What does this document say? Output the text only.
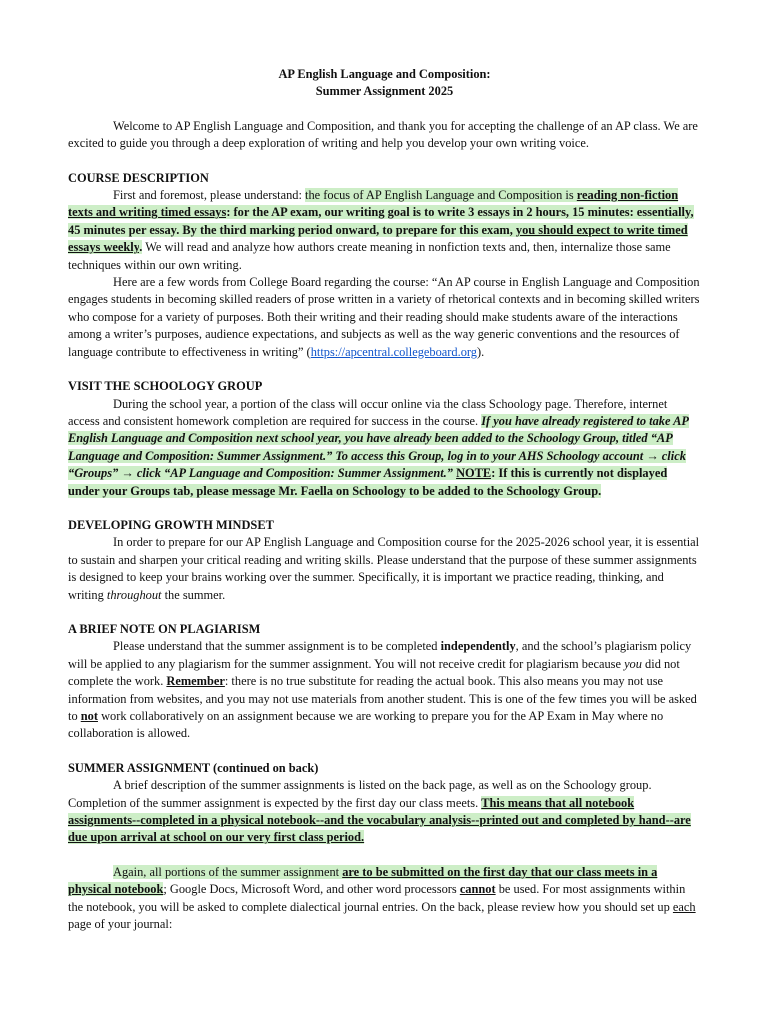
AP English Language and Composition:

Summer Assignment 2025

Welcome to AP English Language and Composition, and thank you for accepting the challenge of an AP class. We are excited to guide you through a deep exploration of writing and help you develop your own writing voice.

COURSE DESCRIPTION

First and foremost, please understand: the focus of AP English Language and Composition is reading non-fiction texts and writing timed essays: for the AP exam, our writing goal is to write 3 essays in 2 hours, 15 minutes: essentially, 45 minutes per essay. By the third marking period onward, to prepare for this exam, you should expect to write timed essays weekly. We will read and analyze how authors create meaning in nonfiction texts and, then, internalize those same techniques within our own writing.

Here are a few words from College Board regarding the course: “An AP course in English Language and Composition engages students in becoming skilled readers of prose written in a variety of rhetorical contexts and in becoming skilled writers who compose for a variety of purposes. Both their writing and their reading should make students aware of the interactions among a writer’s purposes, audience expectations, and subjects as well as the way generic conventions and the resources of language contribute to effectiveness in writing” (https://apcentral.collegeboard.org).

VISIT THE SCHOOLOGY GROUP

During the school year, a portion of the class will occur online via the class Schoology page. Therefore, internet access and consistent homework completion are required for success in the course. If you have already registered to take AP English Language and Composition next school year, you have already been added to the Schoology Group, titled “AP Language and Composition: Summer Assignment.” To access this Group, log in to your AHS Schoology account → click “Groups” → click “AP Language and Composition: Summer Assignment.” NOTE: If this is currently not displayed under your Groups tab, please message Mr. Faella on Schoology to be added to the Schoology Group.

DEVELOPING GROWTH MINDSET

In order to prepare for our AP English Language and Composition course for the 2025-2026 school year, it is essential to sustain and sharpen your critical reading and writing skills. Please understand that the purpose of these summer assignments is designed to keep your brains working over the summer. Specifically, it is important we practice reading, thinking, and writing throughout the summer.

A BRIEF NOTE ON PLAGIARISM

Please understand that the summer assignment is to be completed independently, and the school’s plagiarism policy will be applied to any plagiarism for the summer assignment. You will not receive credit for plagiarism because you did not complete the work. Remember: there is no true substitute for reading the actual book. This also means you may not use information from websites, and you may not use materials from another student. This is one of the few times you will be asked to not work collaboratively on an assignment because we are working to prepare you for the AP Exam in May where no collaboration is allowed.

SUMMER ASSIGNMENT (continued on back)

A brief description of the summer assignments is listed on the back page, as well as on the Schoology group. Completion of the summer assignment is expected by the first day our class meets. This means that all notebook assignments--completed in a physical notebook--and the vocabulary analysis--printed out and completed by hand--are due upon arrival at school on our very first class period.

Again, all portions of the summer assignment are to be submitted on the first day that our class meets in a physical notebook; Google Docs, Microsoft Word, and other word processors cannot be used. For most assignments within the notebook, you will be asked to complete dialectical journal entries. On the back, please review how you should set up each page of your journal:
